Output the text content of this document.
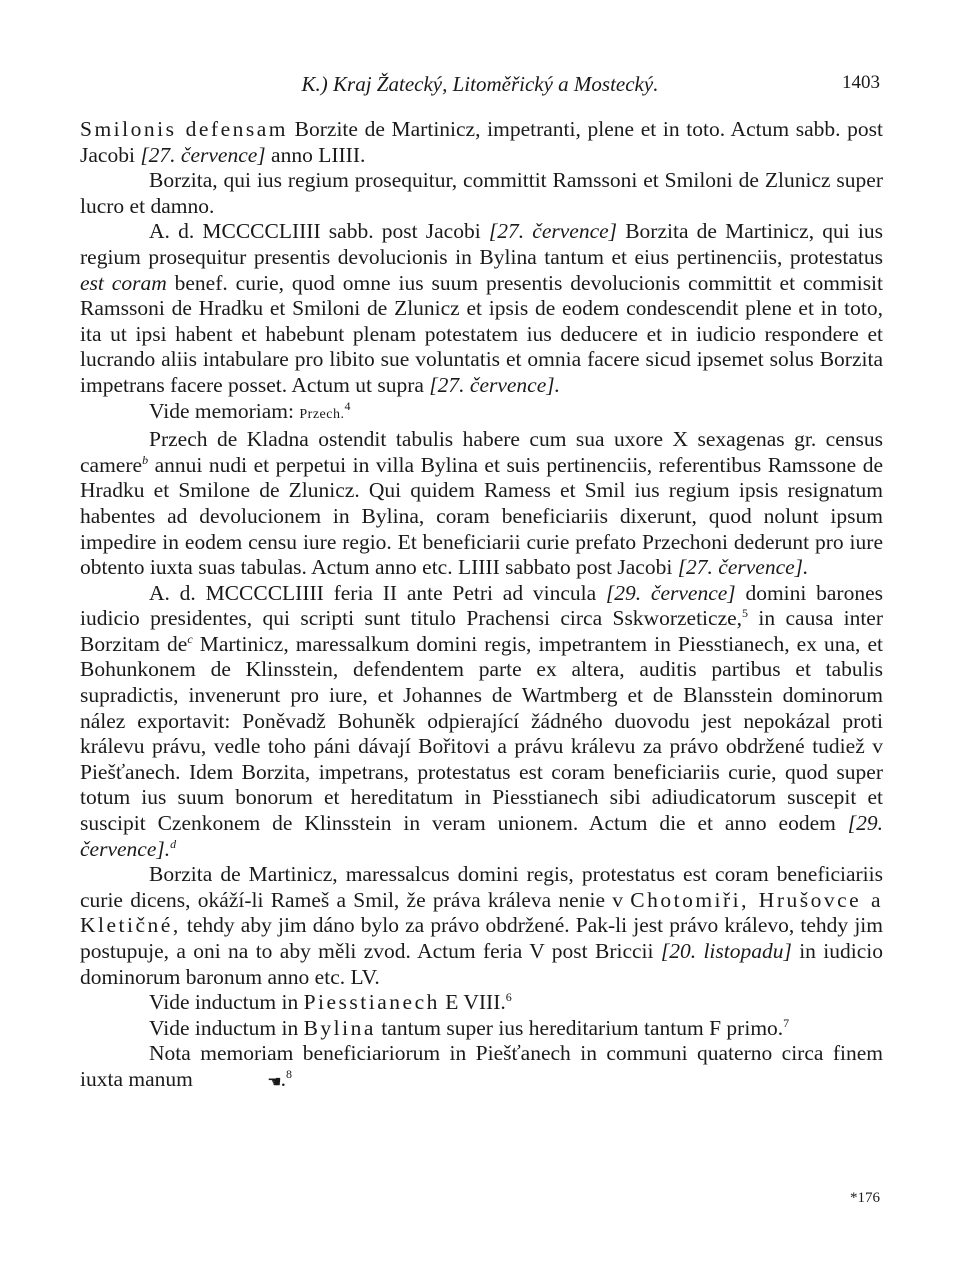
K.) Kraj Žatecký, Litoměřický a Mostecký.	1403

Smilonis defensam Borzite de Martinicz, impetranti, plene et in toto. Actum sabb. post Jacobi [27. července] anno LIIII.

Borzita, qui ius regium prosequitur, committit Ramssoni et Smiloni de Zlunicz super lucro et damno.

A. d. MCCCCLIIII sabb. post Jacobi [27. července] Borzita de Martinicz, qui ius regium prosequitur presentis devolucionis in Bylina tantum et eius pertinenciis, protestatus est coram benef. curie, quod omne ius suum presentis devolucionis committit et commisit Ramssoni de Hradku et Smiloni de Zlunicz et ipsis de eodem condescendit plene et in toto, ita ut ipsi habent et habebunt plenam potestatem ius deducere et in iudicio respondere et lucrando aliis intabulare pro libito sue voluntatis et omnia facere sicud ipsemet solus Borzita impetrans facere posset. Actum ut supra [27. července].

Vide memoriam: Przech.$^4$

Przech de Kladna ostendit tabulis habere cum sua uxore X sexagenas gr. census camere$^b$ annui nudi et perpetui in villa Bylina et suis pertinenciis, referentibus Ramssone de Hradku et Smilone de Zlunicz. Qui quidem Ramess et Smil ius regium ipsis resignatum habentes ad devolucionem in Bylina, coram beneficiariis dixerunt, quod nolunt ipsum impedire in eodem censu iure regio. Et beneficiarii curie prefato Przechoni dederunt pro iure obtento iuxta suas tabulas. Actum anno etc. LIIII sabbato post Jacobi [27. července].

A. d. MCCCCLIIII feria II ante Petri ad vincula [29. července] domini barones iudicio presidentes, qui scripti sunt titulo Prachensi circa Sskworzeticze,$^5$ in causa inter Borzitam $de^c$ Martinicz, maressalkum domini regis, impetrantem in Piesstianech, ex una, et Bohunkonem de Klinsstein, defendentem parte ex altera, auditis partibus et tabulis supradictis, invenerunt pro iure, et Johannes de Wartmberg et de Blansstein dominorum nález exportavit: Poněvadž Bohuněk odpierající žádného duovodu jest nepokázal proti králevu právu, vedle toho páni dávají Bořitovi a právu králevu za právo obdržené tudiež v Piešťanech. Idem Borzita, impetrans, protestatus est coram beneficiariis curie, quod super totum ius suum bonorum et hereditatum in Piesstianech sibi adiudicatorum suscepit et suscipit Czenkonem de Klinsstein in veram unionem. Actum die et anno eodem [29. července].$^d$

Borzita de Martinicz, maressalcus domini regis, protestatus est coram beneficiariis curie dicens, okáží-li Rameš a Smil, že práva králeva nenie v Chotomiři, Hrušovce a Kletičné, tehdy aby jim dáno bylo za právo obdržené. Pak-li jest právo králevo, tehdy jim postupuje, a oni na to aby měli zvod. Actum feria V post Briccii [20. listopadu] in iudicio dominorum baronum anno etc. LV.

Vide inductum in Piesstianech E VIII.$^6$

Vide inductum in Bylina tantum super ius hereditarium tantum F primo.$^7$

Nota memoriam beneficiariorum in Piešťanech in communi quaterno circa finem iuxta manum	☚.$^8$

*176
